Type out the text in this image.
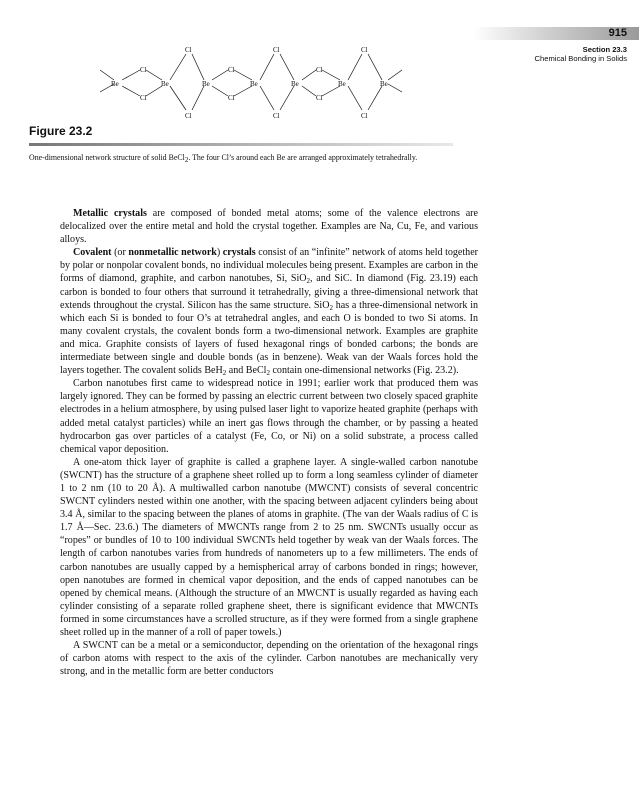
915
Section 23.3
Chemical Bonding in Solids
Be	Be	Be	Be	Be	Be	Be
Cl
Cl
Cl
Cl
Cl
Cl
Cl
Cl
Cl
Cl
Cl
Cl
Figure 23.2
One-dimensional network structure of solid BeCl$_2$. The four Cl’s around each Be are arranged approximately tetrahedrally.

Metallic crystals are composed of bonded metal atoms; some of the valence electrons are delocalized over the entire metal and hold the crystal together. Examples are Na, Cu, Fe, and various alloys.

Covalent (or nonmetallic network) crystals consist of an “infinite” network of atoms held together by polar or nonpolar covalent bonds, no individual molecules being present. Examples are carbon in the forms of diamond, graphite, and carbon nanotubes, Si, SiO$_2$, and SiC. In diamond (Fig. 23.19) each carbon is bonded to four others that surround it tetrahedrally, giving a three-dimensional network that extends throughout the crystal. Silicon has the same structure. SiO$_2$ has a three-dimensional network in which each Si is bonded to four O’s at tetrahedral angles, and each O is bonded to two Si atoms. In many covalent crystals, the covalent bonds form a two-dimensional network. Examples are graphite and mica. Graphite consists of layers of fused hexagonal rings of bonded carbons; the bonds are intermediate between single and double bonds (as in benzene). Weak van der Waals forces hold the layers together. The covalent solids BeH$_2$ and BeCl$_2$ contain one-dimensional networks (Fig. 23.2).

Carbon nanotubes first came to widespread notice in 1991; earlier work that produced them was largely ignored. They can be formed by passing an electric current between two closely spaced graphite electrodes in a helium atmosphere, by using pulsed laser light to vaporize heated graphite (perhaps with added metal catalyst particles) while an inert gas flows through the chamber, or by passing a heated hydrocarbon gas over particles of a catalyst (Fe, Co, or Ni) on a solid substrate, a process called chemical vapor deposition.

A one-atom thick layer of graphite is called a graphene layer. A single-walled carbon nanotube (SWCNT) has the structure of a graphene sheet rolled up to form a long seamless cylinder of diameter 1 to 2 nm (10 to 20 Å). A multiwalled carbon nanotube (MWCNT) consists of several concentric SWCNT cylinders nested within one another, with the spacing between adjacent cylinders being about 3.4 Å, similar to the spacing between the planes of atoms in graphite. (The van der Waals radius of C is 1.7 Å—Sec. 23.6.) The diameters of MWCNTs range from 2 to 25 nm. SWCNTs usually occur as “ropes” or bundles of 10 to 100 individual SWCNTs held together by weak van der Waals forces. The length of carbon nanotubes varies from hundreds of nanometers up to a few millimeters. The ends of carbon nanotubes are usually capped by a hemispherical array of carbons bonded in rings; however, open nanotubes are formed in chemical vapor deposition, and the ends of capped nanotubes can be opened by chemical means. (Although the structure of an MWCNT is usually regarded as having each cylinder consisting of a separate rolled graphene sheet, there is significant evidence that MWCNTs formed in some circumstances have a scrolled structure, as if they were formed from a single graphene sheet rolled up in the manner of a roll of paper towels.)

A SWCNT can be a metal or a semiconductor, depending on the orientation of the hexagonal rings of carbon atoms with respect to the axis of the cylinder. Carbon nanotubes are mechanically very strong, and in the metallic form are better conductors
